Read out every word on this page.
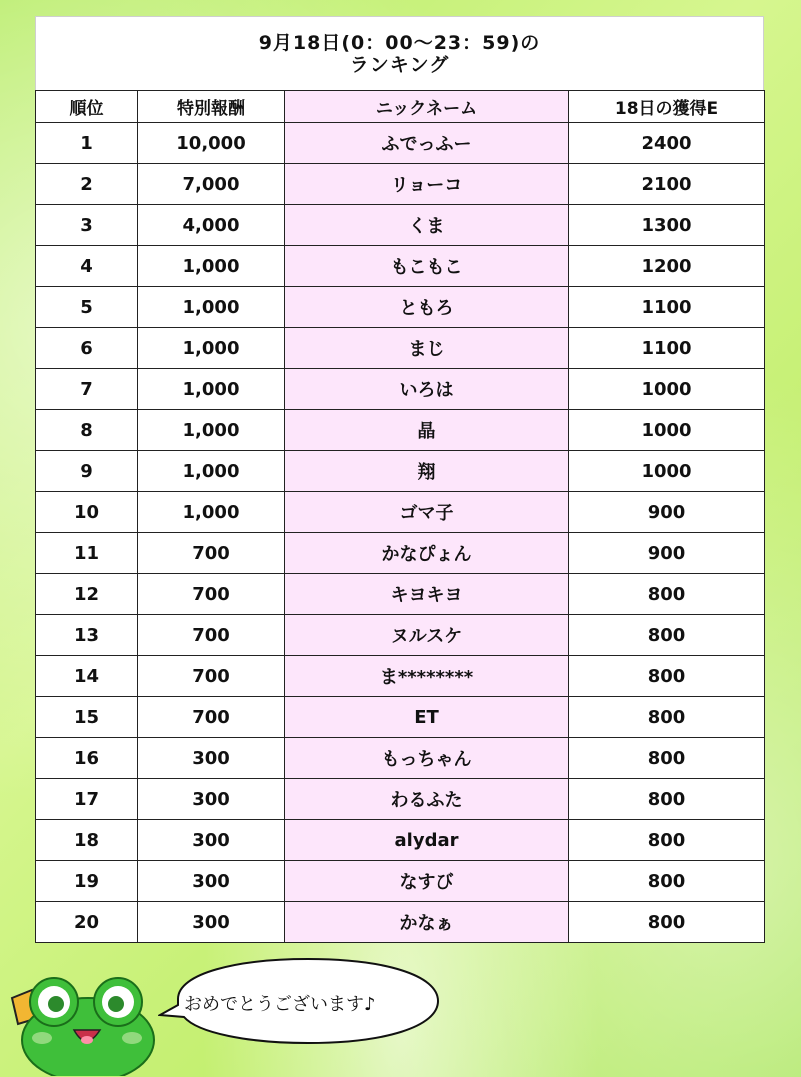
9月18日(0：00～23：59)の
ランキング
順位	特別報酬	ニックネーム	18日の獲得E
1	10,000	ふでっふー	2400
2	7,000	リョーコ	2100
3	4,000	くま	1300
4	1,000	もこもこ	1200
5	1,000	ともろ	1100
6	1,000	まじ	1100
7	1,000	いろは	1000
8	1,000	晶	1000
9	1,000	翔	1000
10	1,000	ゴマ子	900
11	700	かなぴょん	900
12	700	キヨキヨ	800
13	700	ヌルスケ	800
14	700	ま********	800
15	700	ET	800
16	300	もっちゃん	800
17	300	わるふた	800
18	300	alydar	800
19	300	なすび	800
20	300	かなぁ	800
おめでとうございます♪
